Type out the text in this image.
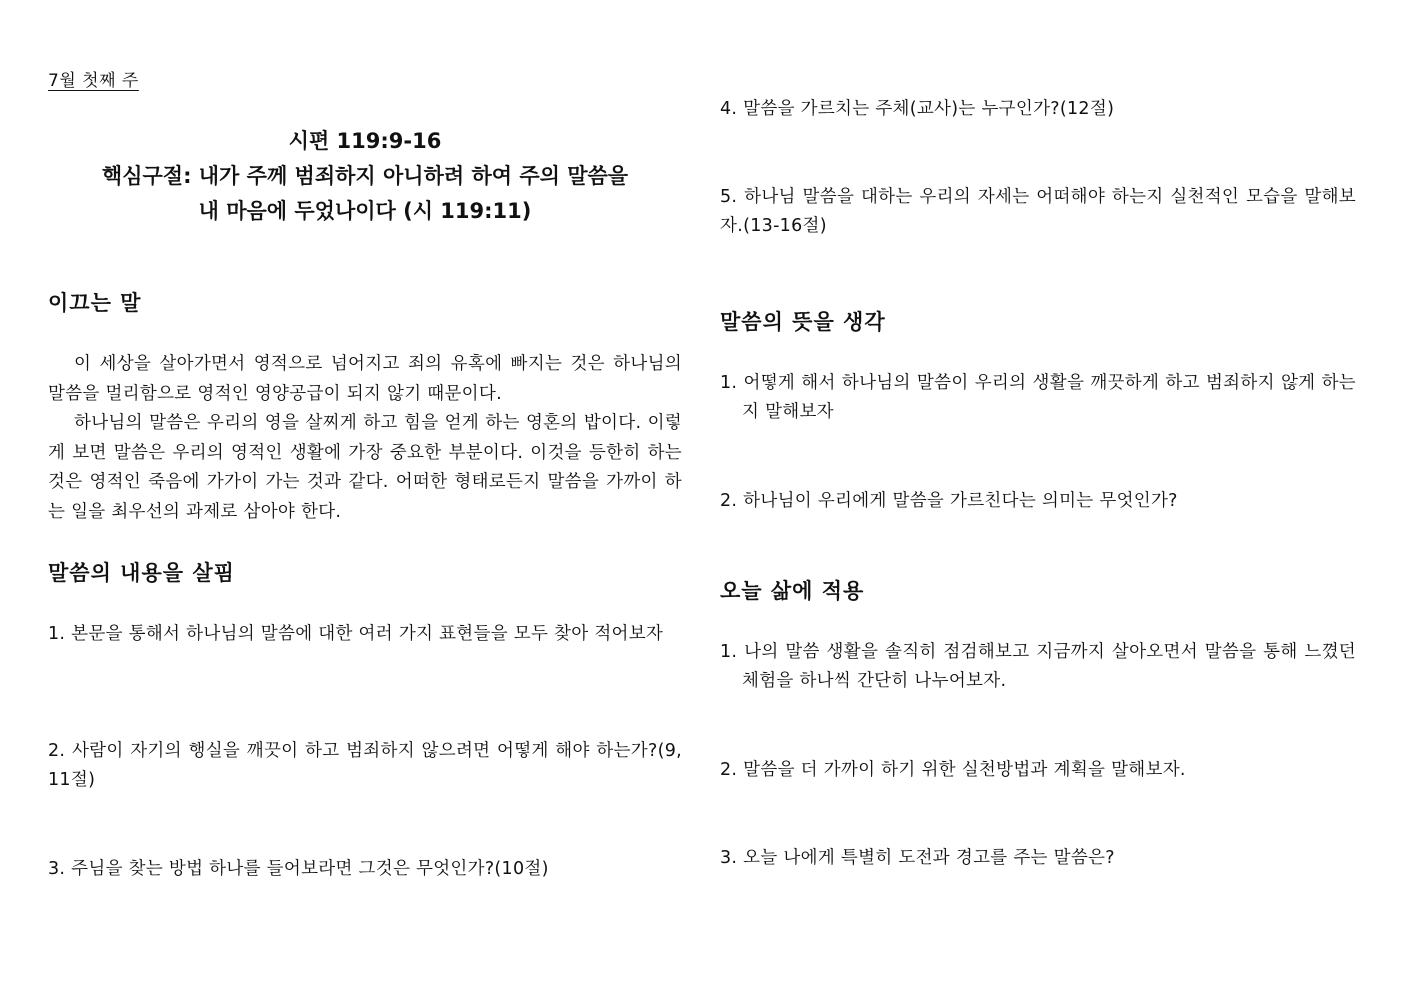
7월 첫째 주
시편 119:9-16
핵심구절: 내가 주께 범죄하지 아니하려 하여 주의 말씀을
내 마음에 두었나이다 (시 119:11)
이끄는 말

이 세상을 살아가면서 영적으로 넘어지고 죄의 유혹에 빠지는 것은 하나님의 말씀을 멀리함으로 영적인 영양공급이 되지 않기 때문이다.

하나님의 말씀은 우리의 영을 살찌게 하고 힘을 얻게 하는 영혼의 밥이다. 이렇게 보면 말씀은 우리의 영적인 생활에 가장 중요한 부분이다. 이것을 등한히 하는 것은 영적인 죽음에 가가이 가는 것과 같다. 어떠한 형태로든지 말씀을 가까이 하는 일을 최우선의 과제로 삼아야 한다.

말씀의 내용을 살핌
1. 본문을 통해서 하나님의 말씀에 대한 여러 가지 표현들을 모두 찾아 적어보자
2. 사람이 자기의 행실을 깨끗이 하고 범죄하지 않으려면 어떻게 해야 하는가?(9, 11절)
3. 주님을 찾는 방법 하나를 들어보라면 그것은 무엇인가?(10절)
4. 말씀을 가르치는 주체(교사)는 누구인가?(12절)
5. 하나님 말씀을 대하는 우리의 자세는 어떠해야 하는지 실천적인 모습을 말해보자.(13-16절)
말씀의 뜻을 생각
1. 어떻게 해서 하나님의 말씀이 우리의 생활을 깨끗하게 하고 범죄하지 않게 하는지 말해보자
2. 하나님이 우리에게 말씀을 가르친다는 의미는 무엇인가?
오늘 삶에 적용
1. 나의 말씀 생활을 솔직히 점검해보고 지금까지 살아오면서 말씀을 통해 느꼈던 체험을 하나씩 간단히 나누어보자.
2. 말씀을 더 가까이 하기 위한 실천방법과 계획을 말해보자.
3. 오늘 나에게 특별히 도전과 경고를 주는 말씀은?
